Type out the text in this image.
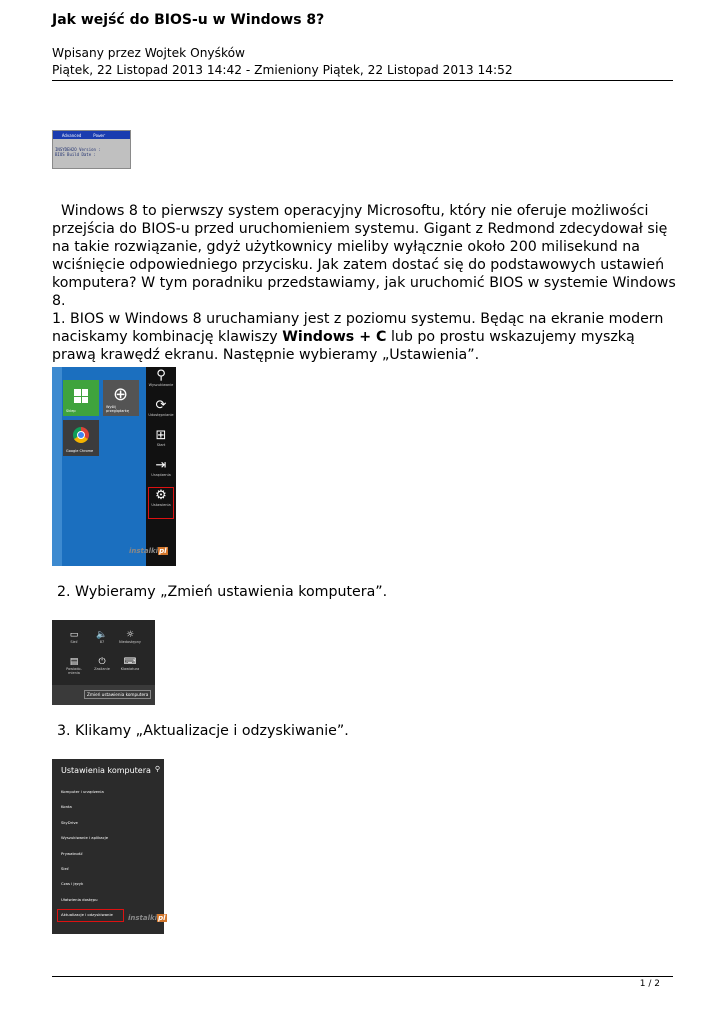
Jak wejść do BIOS-u w Windows 8?
Wpisany przez Wojtek Onyśków
Piątek, 22 Listopad 2013 14:42 - Zmieniony Piątek, 22 Listopad 2013 14:52
Advanced	Power
INSYDEH2O Version :
BIOS Build Date :

Windows 8 to pierwszy system operacyjny Microsoftu, który nie oferuje możliwości przejścia do BIOS-u przed uruchomieniem systemu. Gigant z Redmond zdecydował się na takie rozwiązanie, gdyż użytkownicy mieliby wyłącznie około 200 milisekund na wciśnięcie odpowiedniego przycisku. Jak zatem dostać się do podstawowych ustawień komputera? W tym poradniku przedstawiamy, jak uruchomić BIOS w systemie Windows 8.

1. BIOS w Windows 8 uruchamiany jest z poziomu systemu. Będąc na ekranie modern naciskamy kombinację klawiszy Windows + C lub po prostu wskazujemy myszką prawą krawędź ekranu. Następnie wybieramy „Ustawienia”.

Sklep
⊕
Wyślij przeglądarkę
Google Chrome
⚲
Wyszukiwanie
⟳
Udostępnianie
⊞
Start
⇥
Urządzenia
⚙
Ustawienia
instalkipl
2. Wybieramy „Zmień ustawienia komputera”.
▭
Sieć
🔈
87
☼
Niedostępny
▤
Powiado-mienia
⏻
Zasilanie
⌨
Klawiatura
Zmień ustawienia komputera
3. Klikamy „Aktualizacje i odzyskiwanie”.
Ustawienia komputera ⚲
Komputer i urządzenia
Konta
SkyDrive
Wyszukiwanie i aplikacje
Prywatność
Sieć
Czas i język
Ułatwienia dostępu
Aktualizacje i odzyskiwanie instalkipl
1 / 2
